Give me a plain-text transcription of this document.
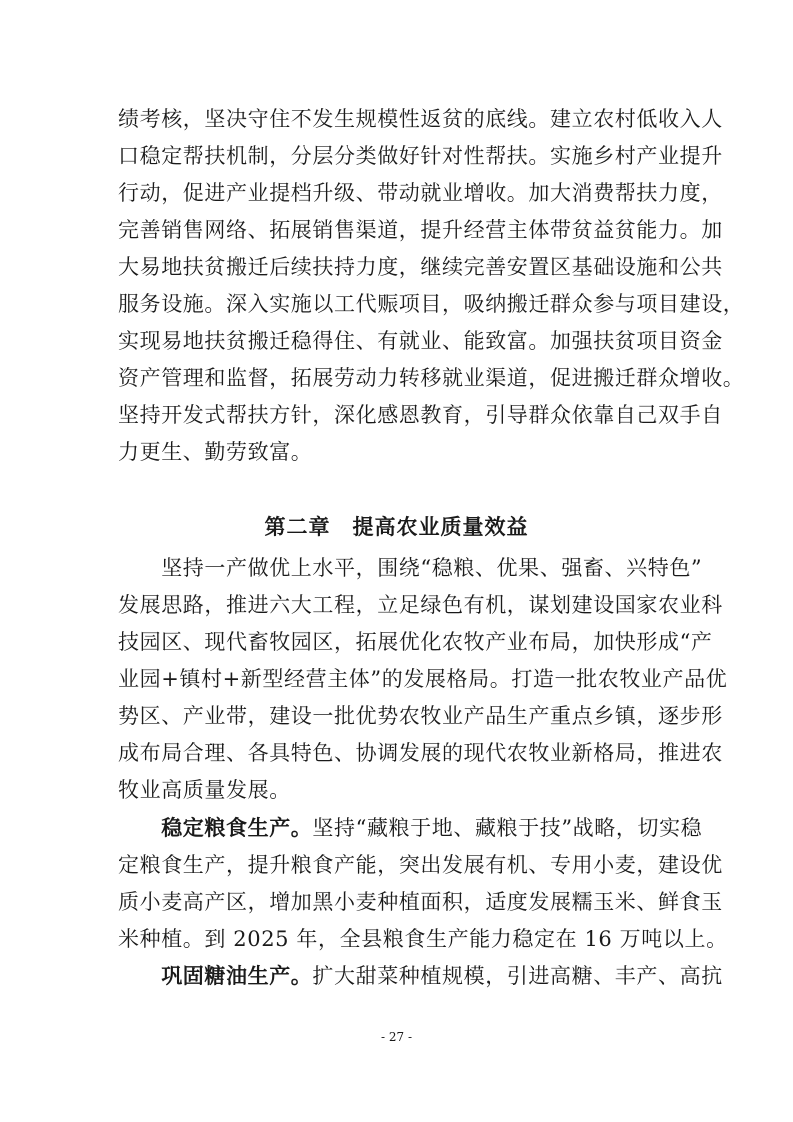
绩考核，坚决守住不发生规模性返贫的底线。建立农村低收入人
口稳定帮扶机制，分层分类做好针对性帮扶。实施乡村产业提升
行动，促进产业提档升级、带动就业增收。加大消费帮扶力度，
完善销售网络、拓展销售渠道，提升经营主体带贫益贫能力。加
大易地扶贫搬迁后续扶持力度，继续完善安置区基础设施和公共
服务设施。深入实施以工代赈项目，吸纳搬迁群众参与项目建设，
实现易地扶贫搬迁稳得住、有就业、能致富。加强扶贫项目资金
资产管理和监督，拓展劳动力转移就业渠道，促进搬迁群众增收。
坚持开发式帮扶方针，深化感恩教育，引导群众依靠自己双手自
力更生、勤劳致富。
第二章　提高农业质量效益
　　坚持一产做优上水平，围绕“稳粮、优果、强畜、兴特色”
发展思路，推进六大工程，立足绿色有机，谋划建设国家农业科
技园区、现代畜牧园区，拓展优化农牧产业布局，加快形成“产
业园+镇村+新型经营主体”的发展格局。打造一批农牧业产品优
势区、产业带，建设一批优势农牧业产品生产重点乡镇，逐步形
成布局合理、各具特色、协调发展的现代农牧业新格局，推进农
牧业高质量发展。
　　稳定粮食生产。坚持“藏粮于地、藏粮于技”战略，切实稳
定粮食生产，提升粮食产能，突出发展有机、专用小麦，建设优
质小麦高产区，增加黑小麦种植面积，适度发展糯玉米、鲜食玉
米种植。到 2025 年，全县粮食生产能力稳定在 16 万吨以上。
　　巩固糖油生产。扩大甜菜种植规模，引进高糖、丰产、高抗
- 27 -
